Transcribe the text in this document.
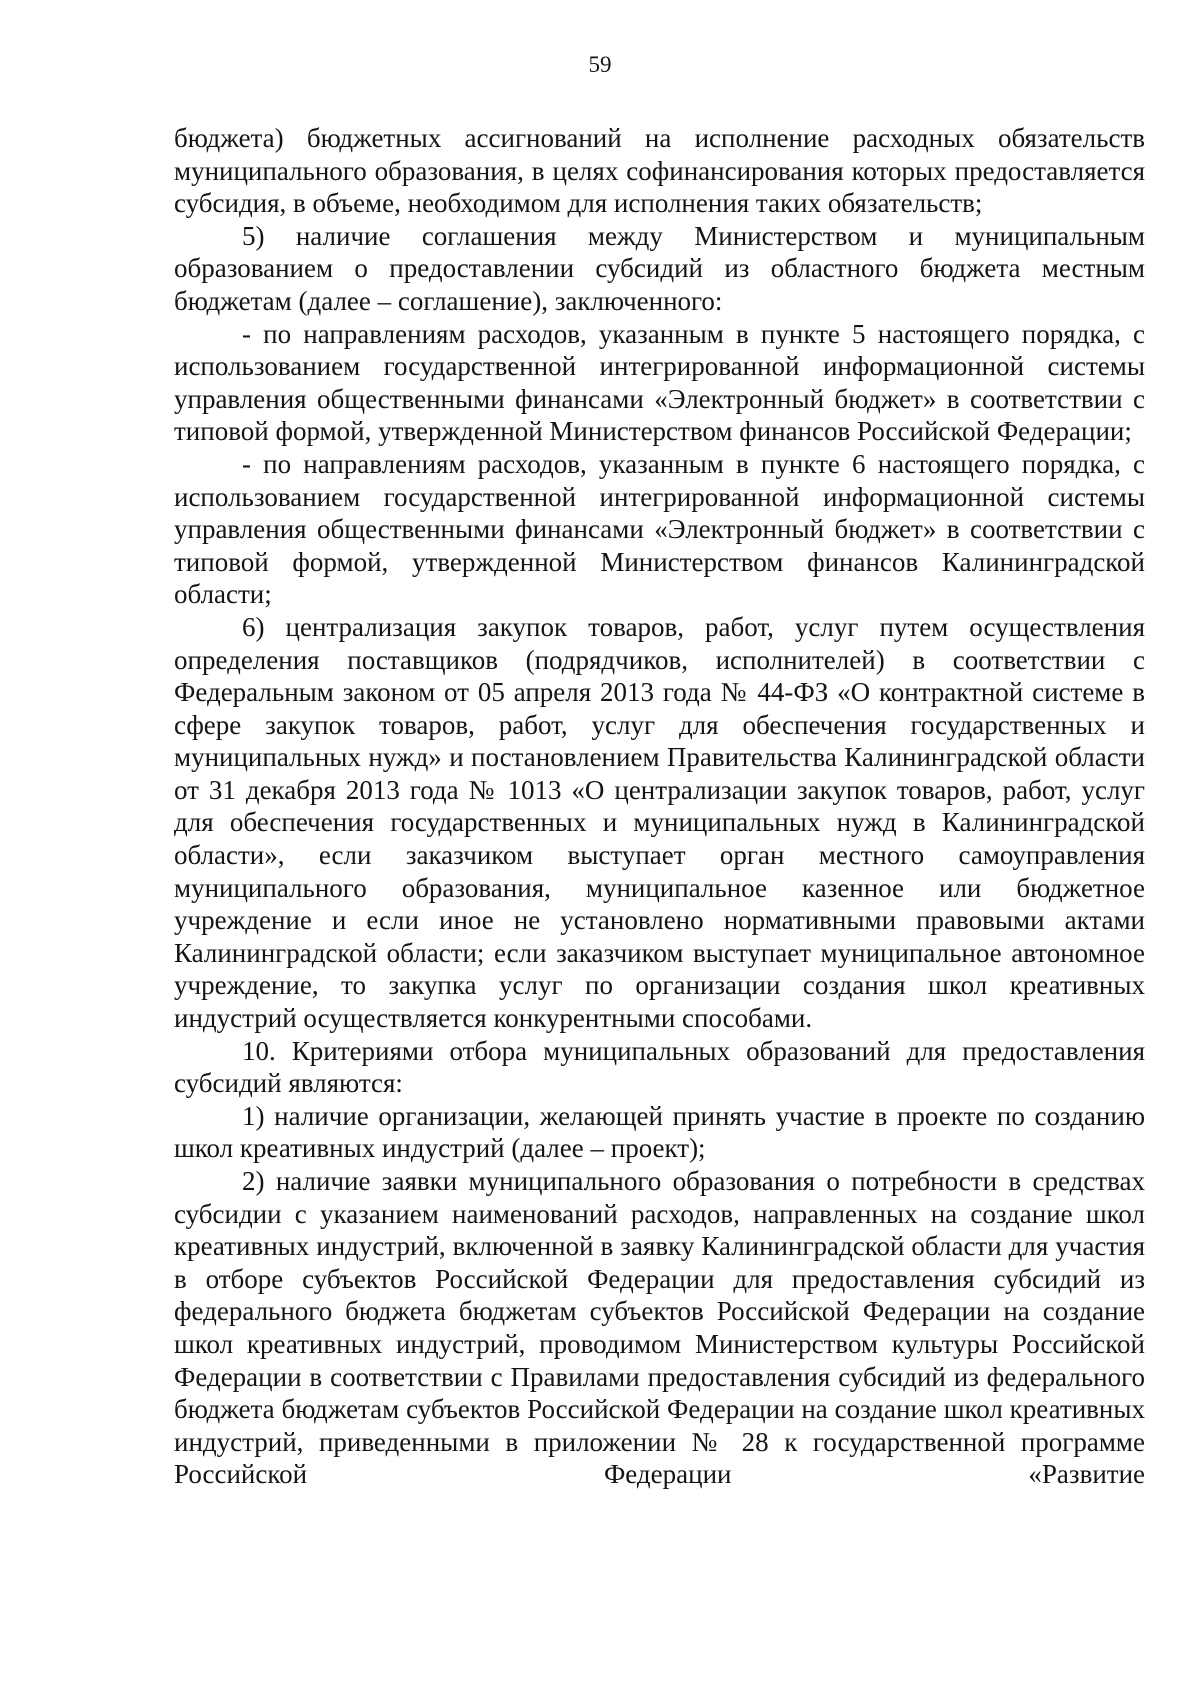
59

бюджета) бюджетных ассигнований на исполнение расходных обязательств муниципального образования, в целях софинансирования которых предоставляется субсидия, в объеме, необходимом для исполнения таких обязательств;

5) наличие соглашения между Министерством и муниципальным образованием о предоставлении субсидий из областного бюджета местным бюджетам (далее – соглашение), заключенного:

- по направлениям расходов, указанным в пункте 5 настоящего порядка, с использованием государственной интегрированной информационной системы управления общественными финансами «Электронный бюджет» в соответствии с типовой формой, утвержденной Министерством финансов Российской Федерации;

- по направлениям расходов, указанным в пункте 6 настоящего порядка, с использованием государственной интегрированной информационной системы управления общественными финансами «Электронный бюджет» в соответствии с типовой формой, утвержденной Министерством финансов Калининградской области;

6) централизация закупок товаров, работ, услуг путем осуществления определения поставщиков (подрядчиков, исполнителей) в соответствии с Федеральным законом от 05 апреля 2013 года № 44-ФЗ «О контрактной системе в сфере закупок товаров, работ, услуг для обеспечения государственных и муниципальных нужд» и постановлением Правительства Калининградской области от 31 декабря 2013 года № 1013 «О централизации закупок товаров, работ, услуг для обеспечения государственных и муниципальных нужд в Калининградской области», если заказчиком выступает орган местного самоуправления муниципального образования, муниципальное казенное или бюджетное учреждение и если иное не установлено нормативными правовыми актами Калининградской области; если заказчиком выступает муниципальное автономное учреждение, то закупка услуг по организации создания школ креативных индустрий осуществляется конкурентными способами.

10. Критериями отбора муниципальных образований для предоставления субсидий являются:

1) наличие организации, желающей принять участие в проекте по созданию школ креативных индустрий (далее – проект);

2) наличие заявки муниципального образования о потребности в средствах субсидии с указанием наименований расходов, направленных на создание школ креативных индустрий, включенной в заявку Калининградской области для участия в отборе субъектов Российской Федерации для предоставления субсидий из федерального бюджета бюджетам субъектов Российской Федерации на создание школ креативных индустрий, проводимом Министерством культуры Российской Федерации в соответствии с Правилами предоставления субсидий из федерального бюджета бюджетам субъектов Российской Федерации на создание школ креативных индустрий, приведенными в приложении № 28 к государственной программе Российской Федерации «Развитие
